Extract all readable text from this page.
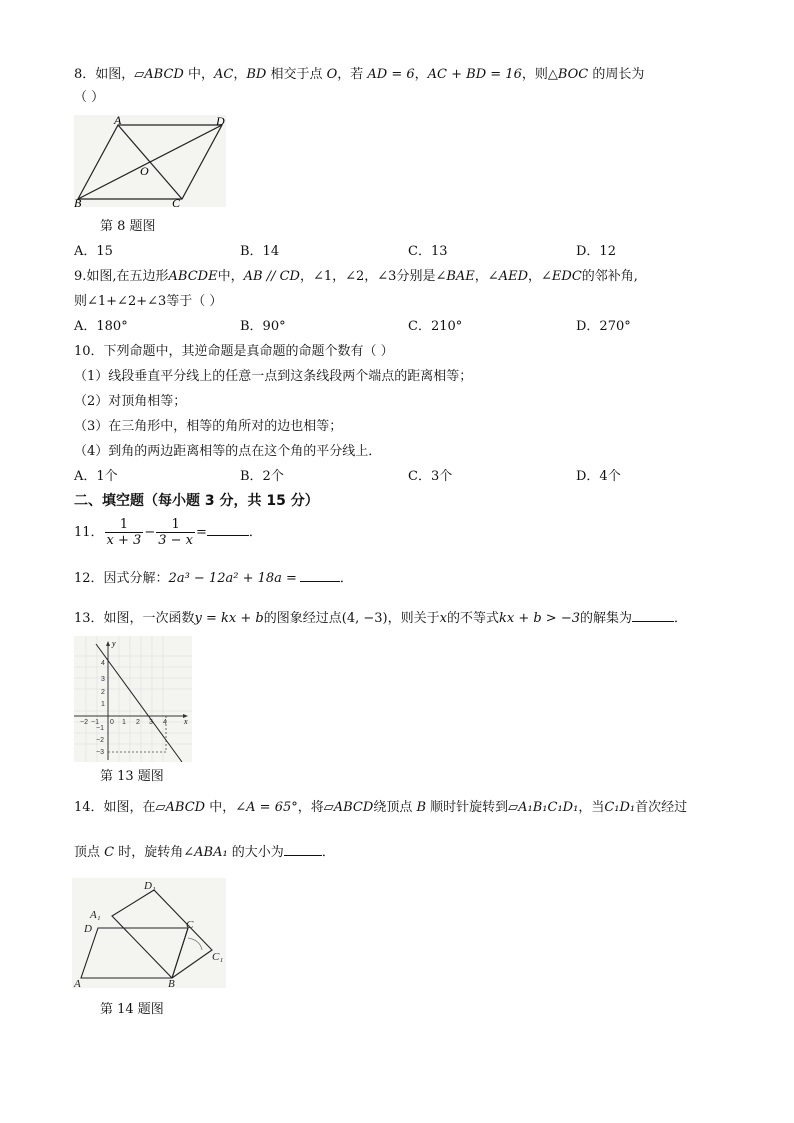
8．如图，▱ABCD 中，AC，BD 相交于点 O，若 AD = 6，AC + BD = 16，则△BOC 的周长为
（ ）
A	D
O
B	C
第 8 题图
A．15	B．14	C．13	D．12
9.如图,在五边形ABCDE中，AB // CD，∠1，∠2，∠3分别是∠BAE，∠AED，∠EDC的邻补角,
则∠1+∠2+∠3等于（ ）
A．180°	B．90°	C．210°	D．270°
10．下列命题中，其逆命题是真命题的命题个数有（ ）
（1）线段垂直平分线上的任意一点到这条线段两个端点的距离相等；
（2）对顶角相等；
（3）在三角形中，相等的角所对的边也相等；
（4）到角的两边距离相等的点在这个角的平分线上．
A．1个	B．2个	C．3个	D．4个
二、填空题（每小题 3 分，共 15 分）
11． $\frac{1}{x + 3} - \frac{1}{3 - x}$ =	．
12．因式分解：2a³ − 12a² + 18a =	．
13．如图，一次函数y = kx + b的图象经过点(4, −3)，则关于x的不等式kx + b > −3的解集为	．
y
x
4
3
2
1
−1
−2
−3
−2 −1 0 1 2 3 4
第 13 题图
14．如图，在▱ABCD 中，∠A = 65°，将▱ABCD绕顶点 B 顺时针旋转到▱A₁B₁C₁D₁，当C₁D₁首次经过
顶点 C 时，旋转角∠ABA₁ 的大小为	．
D₁
A₁
D	C
C₁
A	B
第 14 题图
